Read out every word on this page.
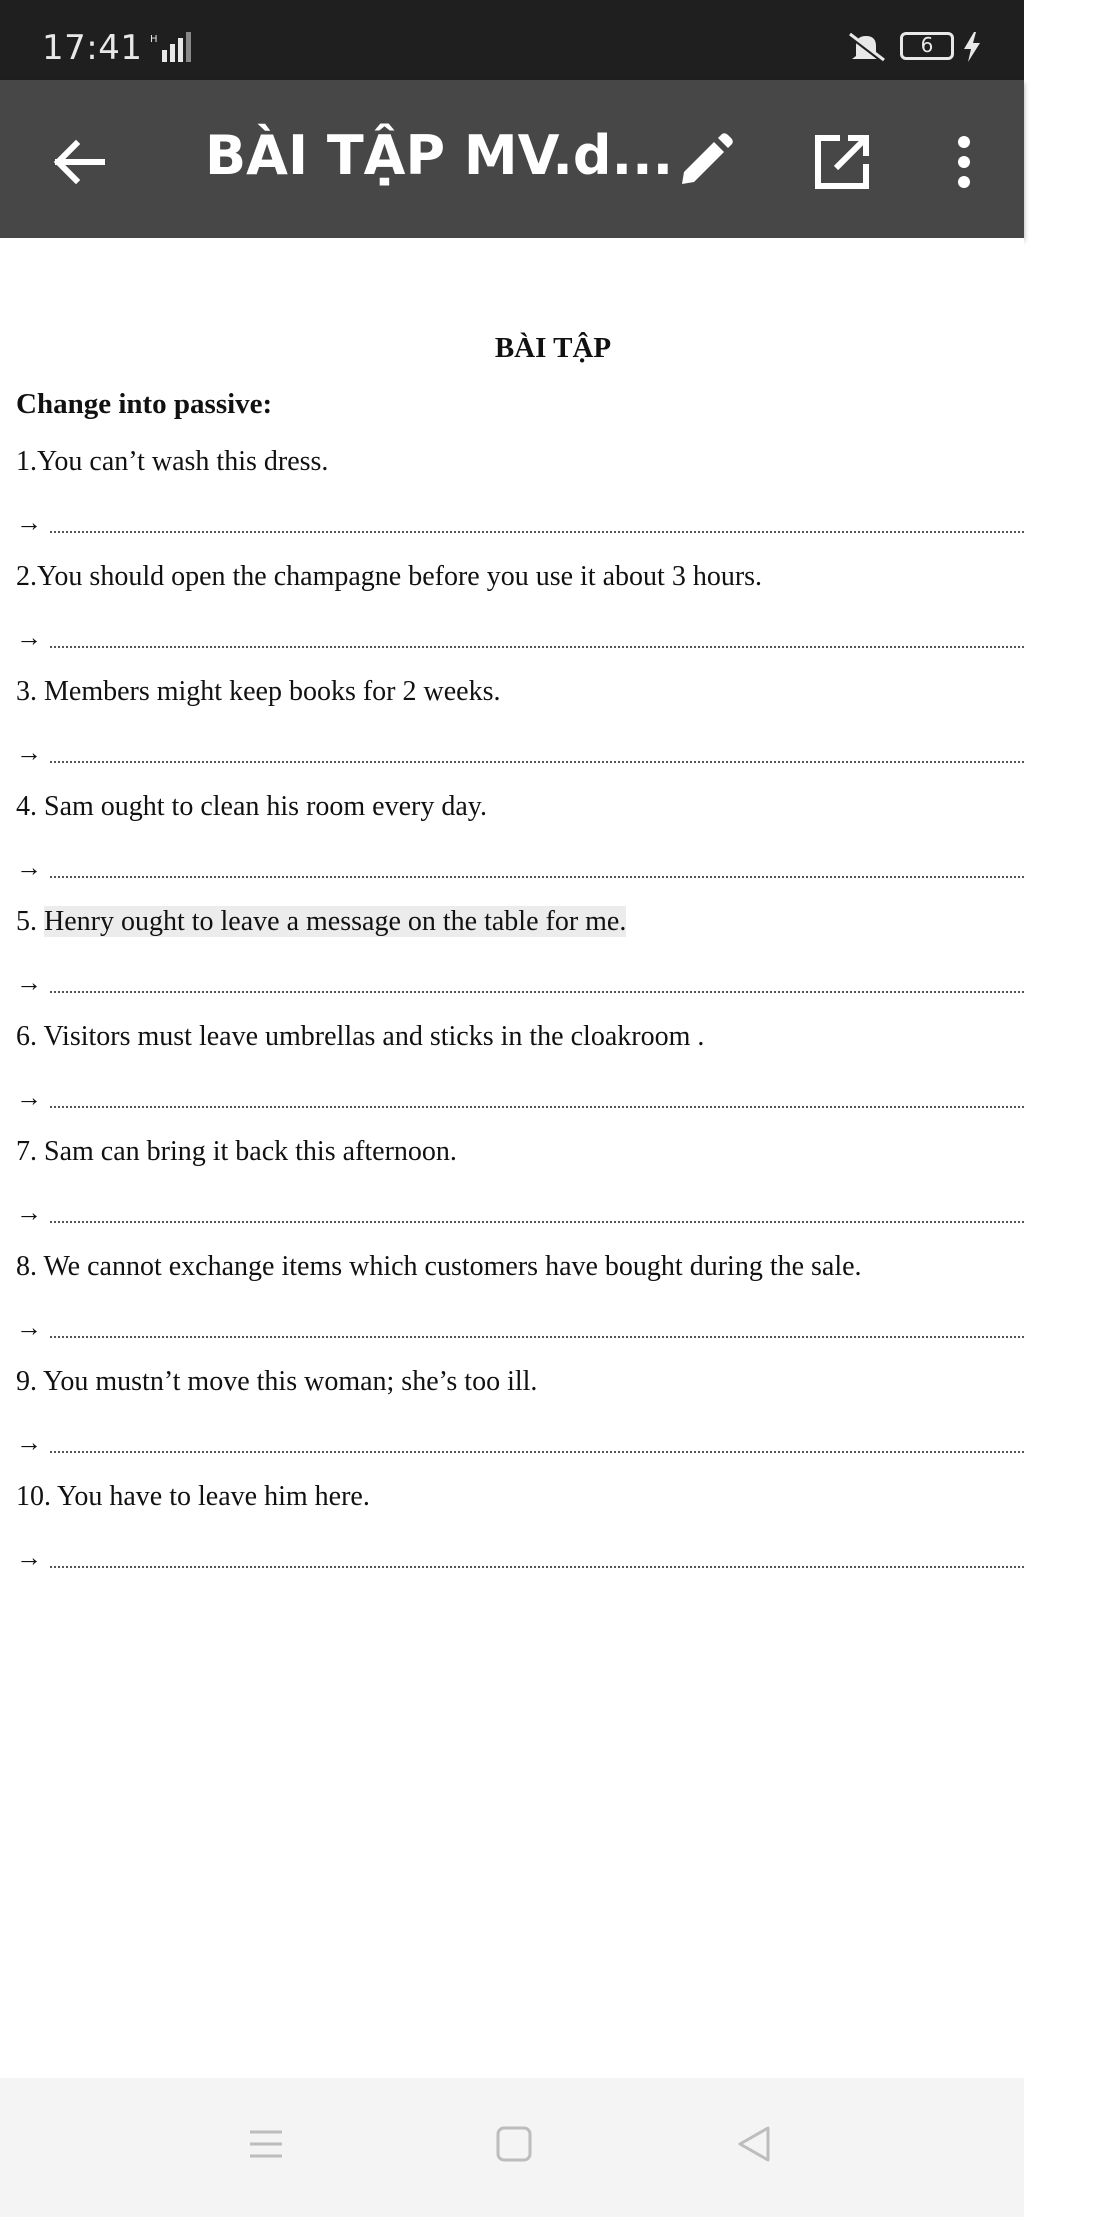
17:41 H	6
BÀI TẬP MV.d...
BÀI TẬP
Change into passive:
1.You can’t wash this dress.
→
2.You should open the champagne before you use it about 3 hours.
→
3. Members might keep books for 2 weeks.
→
4. Sam ought to clean his room every day.
→
5. Henry ought to leave a message on the table for me.
→
6. Visitors must leave umbrellas and sticks in the cloakroom .
→
7. Sam can bring it back this afternoon.
→
8. We cannot exchange items which customers have bought during the sale.
→
9. You mustn’t move this woman; she’s too ill.
→
10. You have to leave him here.
→
